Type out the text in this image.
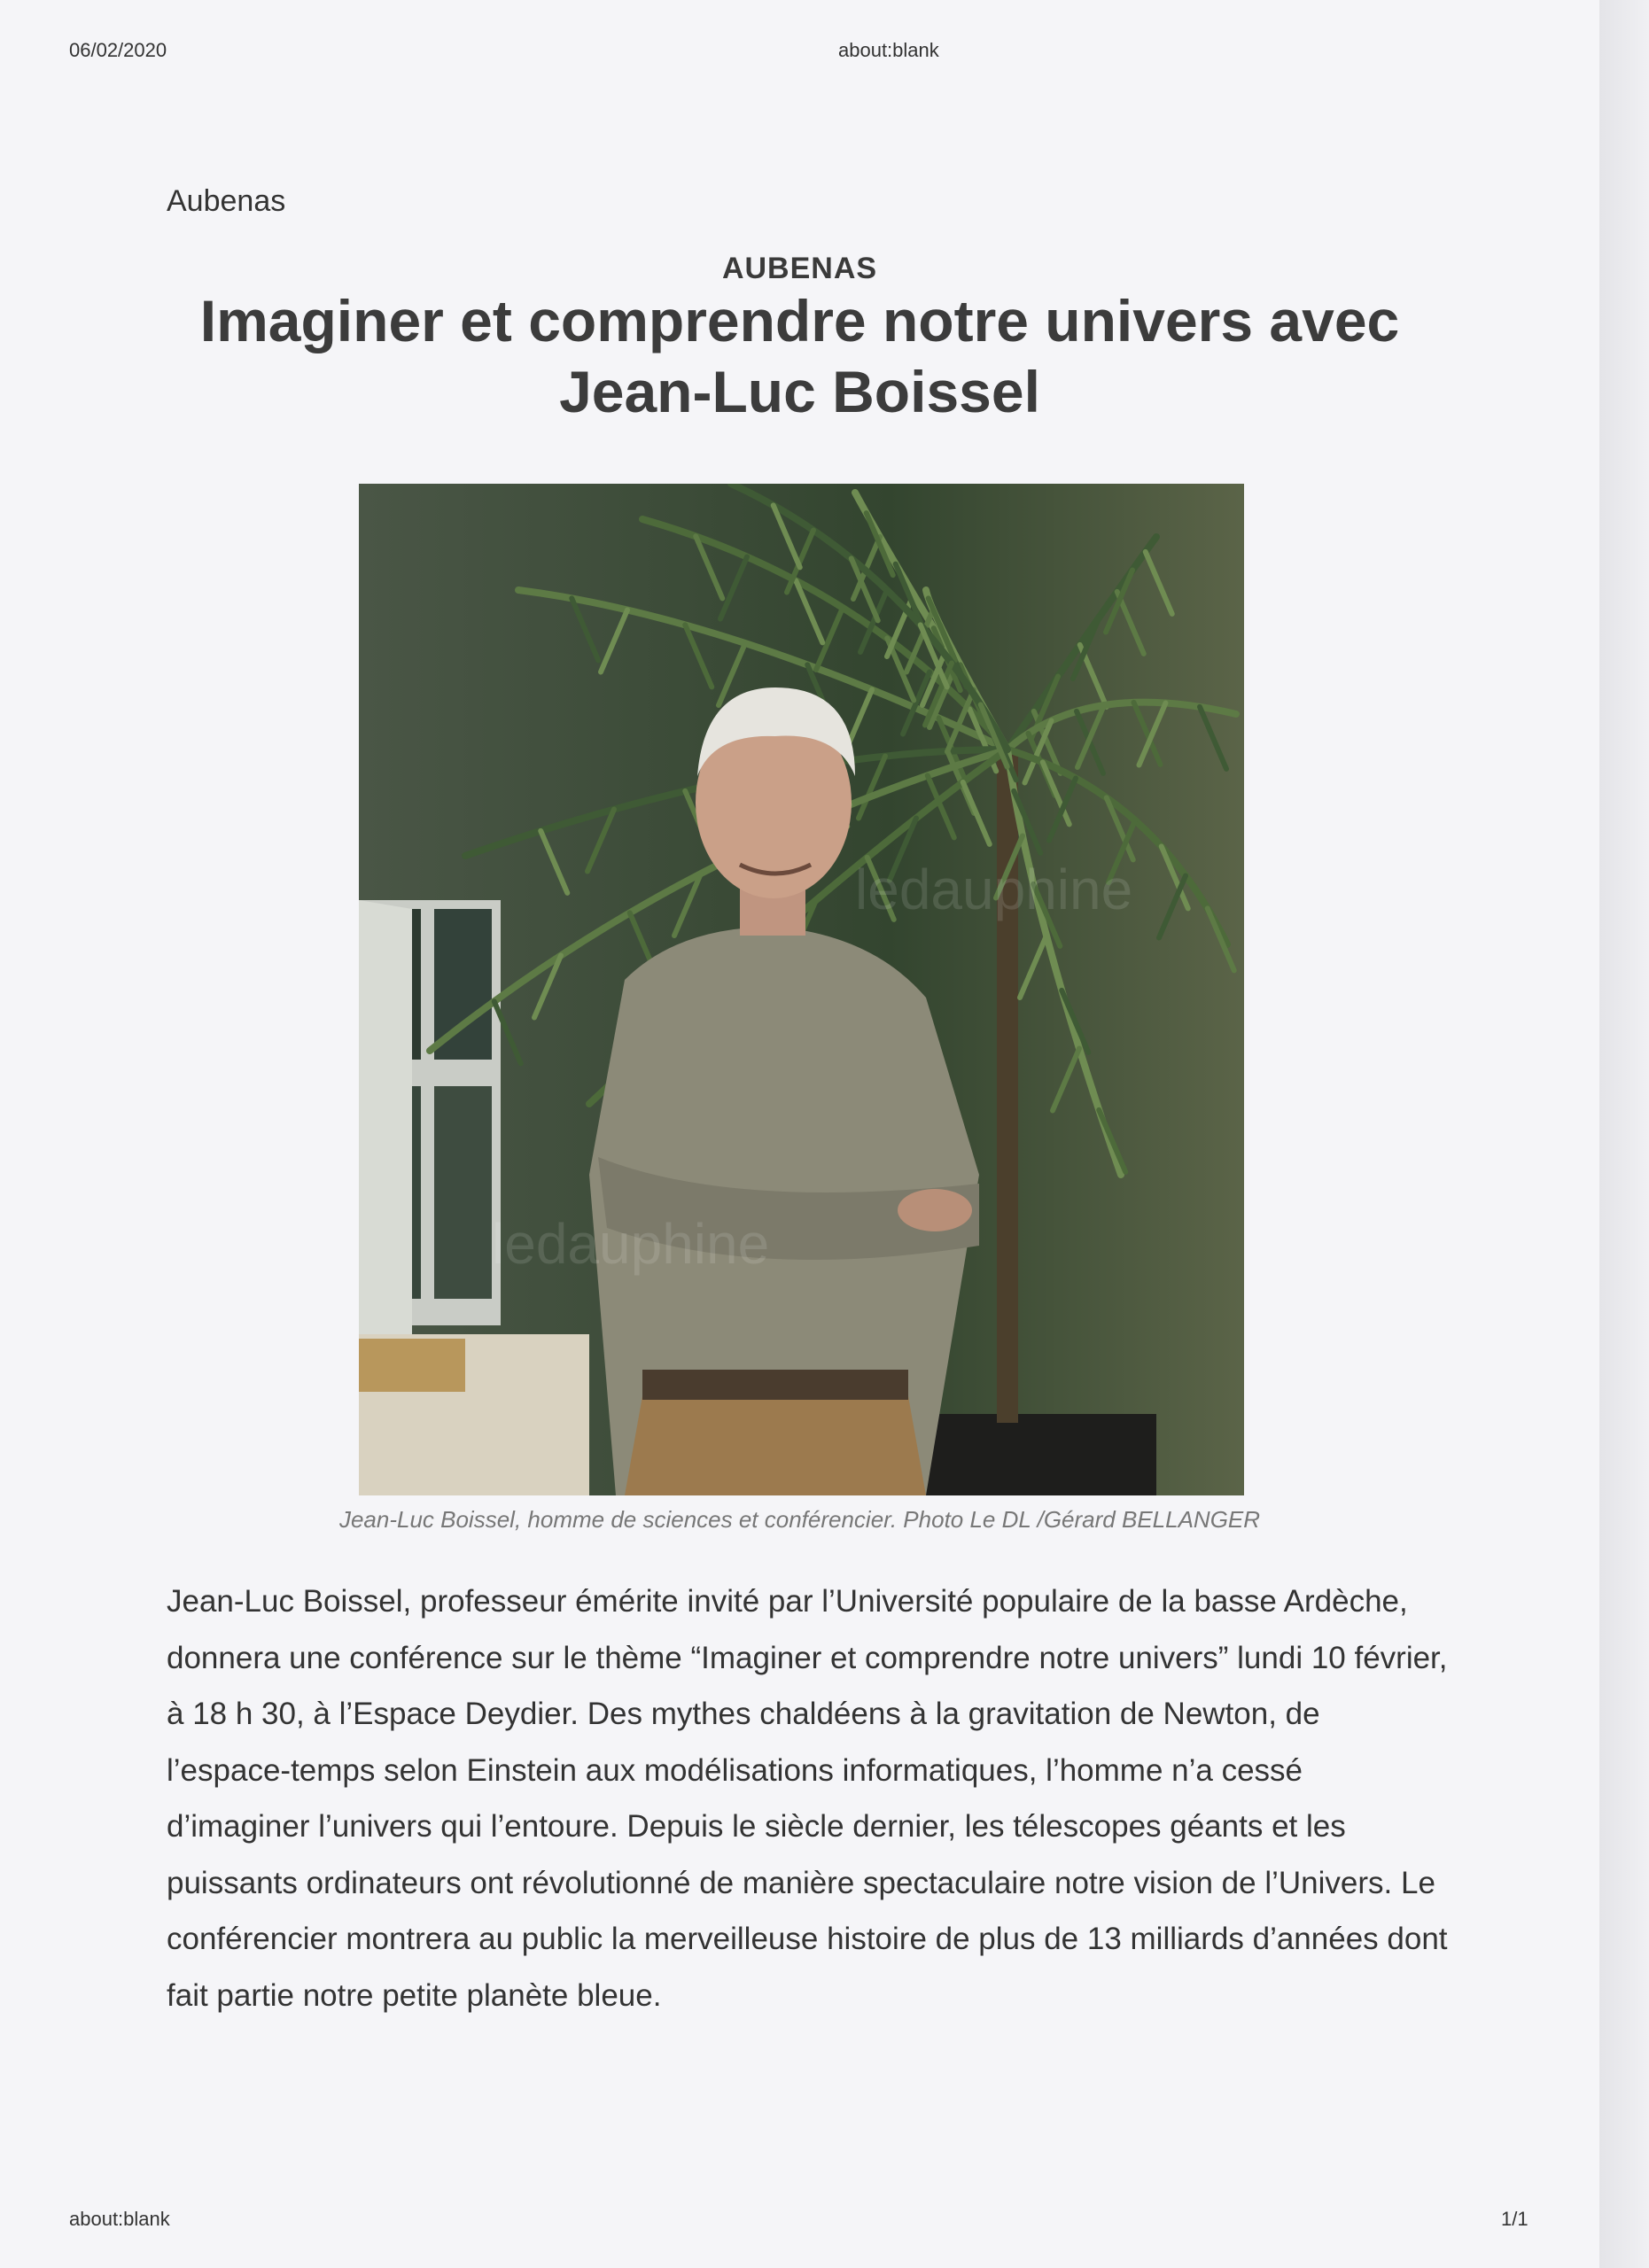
06/02/2020	about:blank
Aubenas
AUBENAS
Imaginer et comprendre notre univers avec Jean-Luc Boissel
ledauphine
ledauphine
Jean-Luc Boissel, homme de sciences et conférencier. Photo Le DL /Gérard BELLANGER

Jean-Luc Boissel, professeur émérite invité par l’Université populaire de la basse Ardèche, donnera une conférence sur le thème “Imaginer et comprendre notre univers” lundi 10 février, à 18 h 30, à l’Espace Deydier. Des mythes chaldéens à la gravitation de Newton, de l’espace-temps selon Einstein aux modélisations informatiques, l’homme n’a cessé d’imaginer l’univers qui l’entoure. Depuis le siècle dernier, les télescopes géants et les puissants ordinateurs ont révolutionné de manière spectaculaire notre vision de l’Univers. Le conférencier montrera au public la merveilleuse histoire de plus de 13 milliards d’années dont fait partie notre petite planète bleue.

about:blank	1/1
